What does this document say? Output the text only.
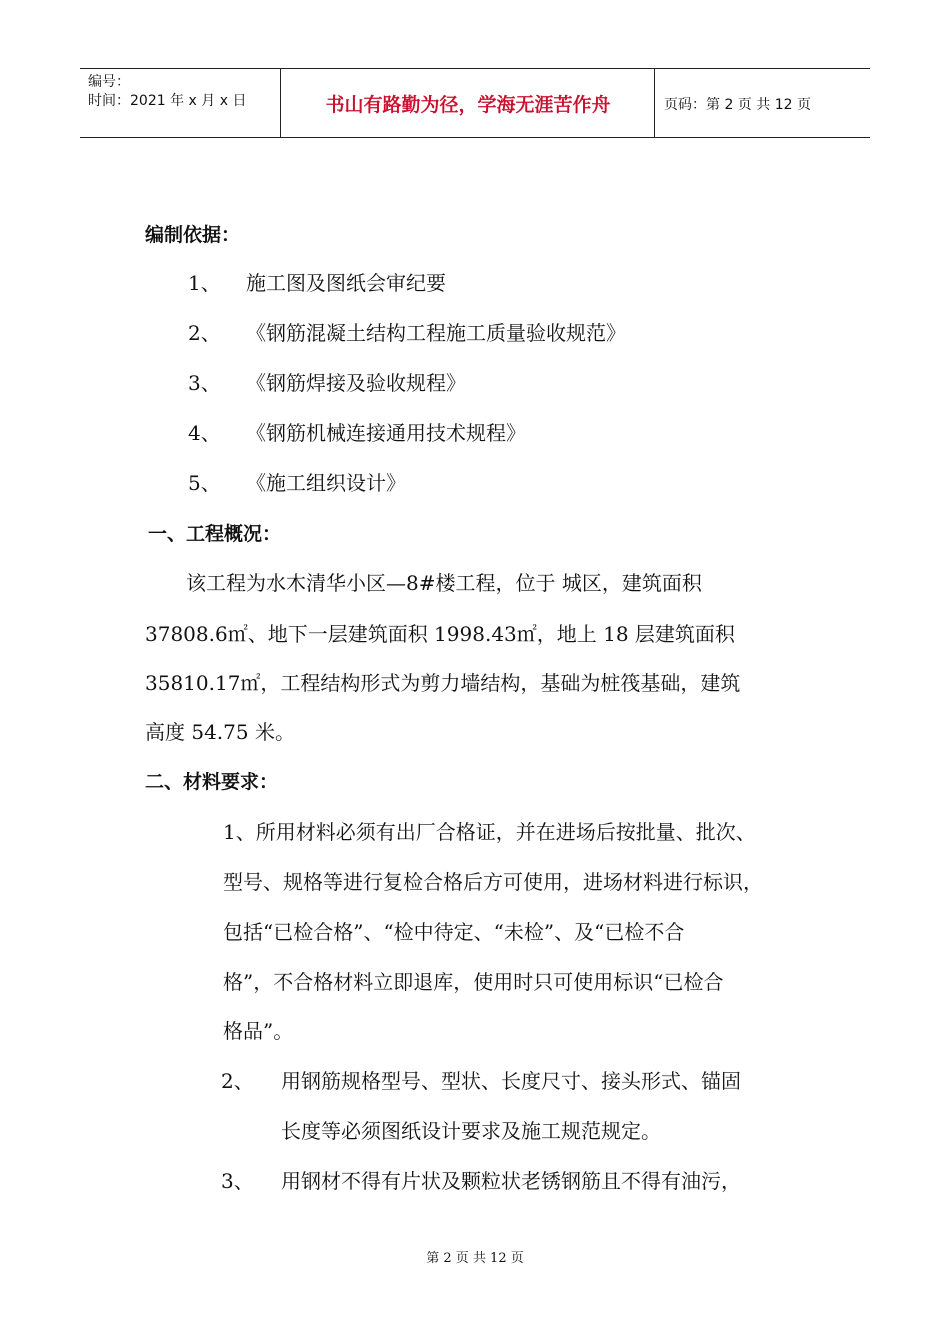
编号：
时间：2021 年 x 月 x 日	书山有路勤为径，学海无涯苦作舟	页码：第 2 页 共 12 页
编制依据：
1、 施工图及图纸会审纪要
2、 《钢筋混凝土结构工程施工质量验收规范》
3、 《钢筋焊接及验收规程》
4、 《钢筋机械连接通用技术规程》
5、 《施工组织设计》
一、工程概况：
该工程为水木清华小区—8#楼工程，位于 城区，建筑面积
37808.6㎡、地下一层建筑面积 1998.43㎡，地上 18 层建筑面积
35810.17㎡，工程结构形式为剪力墙结构，基础为桩筏基础，建筑
高度 54.75 米。
二、材料要求：
1、所用材料必须有出厂合格证，并在进场后按批量、批次、
型号、规格等进行复检合格后方可使用，进场材料进行标识，
包括“已检合格”、“检中待定、“未检”、及“已检不合
格”，不合格材料立即退库，使用时只可使用标识“已检合
格品”。
2、 用钢筋规格型号、型状、长度尺寸、接头形式、锚固
长度等必须图纸设计要求及施工规范规定。
3、 用钢材不得有片状及颗粒状老锈钢筋且不得有油污，
第 2 页 共 12 页
